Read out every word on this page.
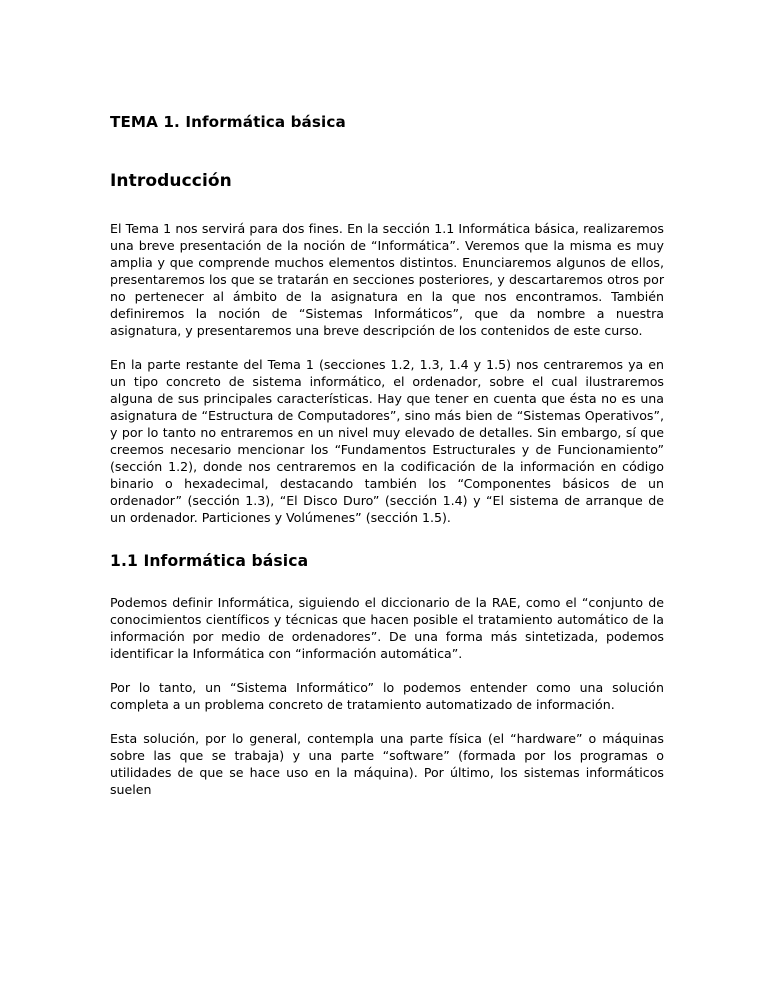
TEMA 1. Informática básica
Introducción

El Tema 1 nos servirá para dos fines. En la sección 1.1 Informática básica, realizaremos una breve presentación de la noción de “Informática”. Veremos que la misma es muy amplia y que comprende muchos elementos distintos. Enunciaremos algunos de ellos, presentaremos los que se tratarán en secciones posteriores, y descartaremos otros por no pertenecer al ámbito de la asignatura en la que nos encontramos. También definiremos la noción de “Sistemas Informáticos”, que da nombre a nuestra asignatura, y presentaremos una breve descripción de los contenidos de este curso.

En la parte restante del Tema 1 (secciones 1.2, 1.3, 1.4 y 1.5) nos centraremos ya en un tipo concreto de sistema informático, el ordenador, sobre el cual ilustraremos alguna de sus principales características. Hay que tener en cuenta que ésta no es una asignatura de “Estructura de Computadores”, sino más bien de “Sistemas Operativos”, y por lo tanto no entraremos en un nivel muy elevado de detalles. Sin embargo, sí que creemos necesario mencionar los “Fundamentos Estructurales y de Funcionamiento” (sección 1.2), donde nos centraremos en la codificación de la información en código binario o hexadecimal, destacando también los “Componentes básicos de un ordenador” (sección 1.3), “El Disco Duro” (sección 1.4) y “El sistema de arranque de un ordenador. Particiones y Volúmenes” (sección 1.5).

1.1 Informática básica

Podemos definir Informática, siguiendo el diccionario de la RAE, como el “conjunto de conocimientos científicos y técnicas que hacen posible el tratamiento automático de la información por medio de ordenadores”. De una forma más sintetizada, podemos identificar la Informática con “información automática”.

Por lo tanto, un “Sistema Informático” lo podemos entender como una solución completa a un problema concreto de tratamiento automatizado de información.

Esta solución, por lo general, contempla una parte física (el “hardware” o máquinas sobre las que se trabaja) y una parte “software” (formada por los programas o utilidades de que se hace uso en la máquina). Por último, los sistemas informáticos suelen
